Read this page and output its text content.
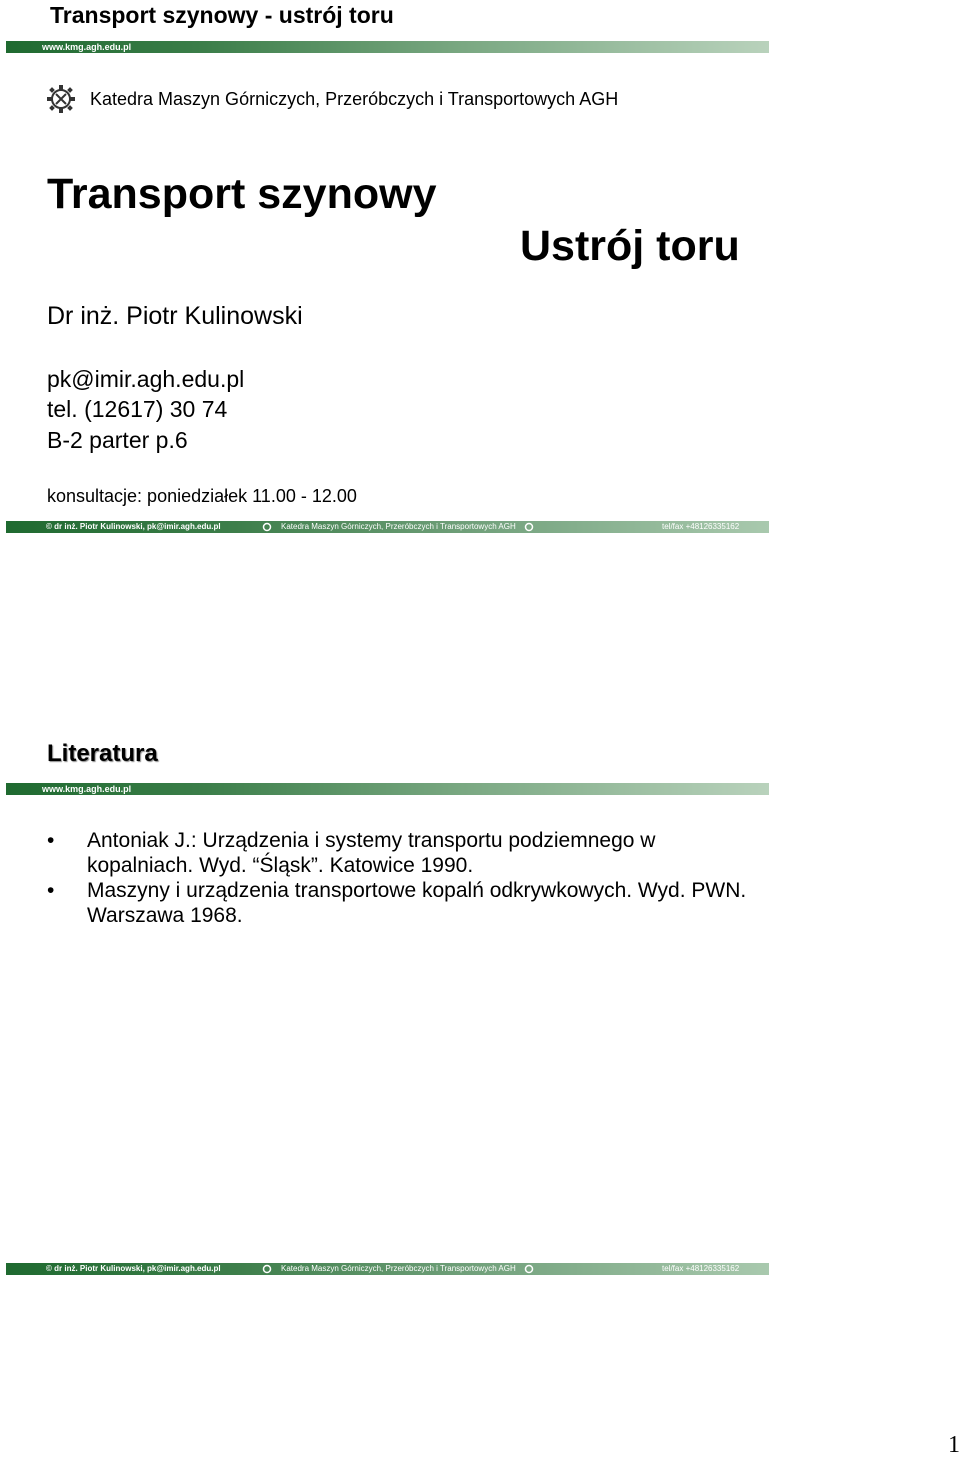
Transport szynowy - ustrój toru
www.kmg.agh.edu.pl
Katedra Maszyn Górniczych, Przeróbczych i Transportowych AGH
Transport szynowy
Ustrój toru
Dr inż. Piotr Kulinowski
pk@imir.agh.edu.pl
tel. (12617) 30 74
B-2 parter p.6
konsultacje: poniedziałek 11.00 - 12.00
© dr inż. Piotr Kulinowski, pk@imir.agh.edu.pl	Katedra Maszyn Górniczych, Przeróbczych i Transportowych AGH	tel/fax +48126335162
Literatura
www.kmg.agh.edu.pl
• Antoniak J.: Urządzenia i systemy transportu podziemnego w kopalniach. Wyd. “Śląsk”. Katowice 1990.
• Maszyny i urządzenia transportowe kopalń odkrywkowych. Wyd. PWN. Warszawa 1968.
© dr inż. Piotr Kulinowski, pk@imir.agh.edu.pl	Katedra Maszyn Górniczych, Przeróbczych i Transportowych AGH	tel/fax +48126335162
1
